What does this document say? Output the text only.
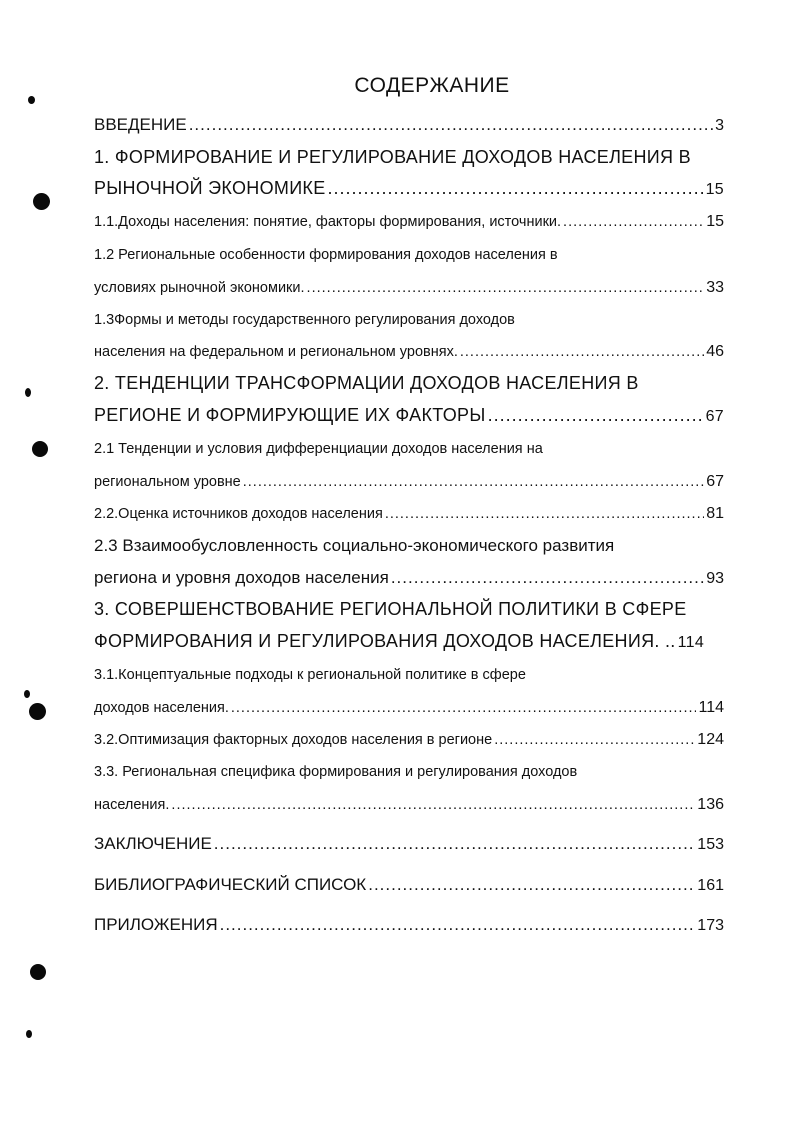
СОДЕРЖАНИЕ
ВВЕДЕНИЕ .....	3
1. ФОРМИРОВАНИЕ И РЕГУЛИРОВАНИЕ ДОХОДОВ НАСЕЛЕНИЯ В
РЫНОЧНОЙ ЭКОНОМИКЕ .....	15
1.1.Доходы населения: понятие, факторы формирования, источники. .....	15
1.2 Региональные особенности формирования доходов населения в
условиях рыночной экономики. .....	33
1.3Формы и методы государственного регулирования доходов
населения на федеральном и региональном уровнях. .....	46
2. ТЕНДЕНЦИИ ТРАНСФОРМАЦИИ ДОХОДОВ НАСЕЛЕНИЯ В
РЕГИОНЕ И ФОРМИРУЮЩИЕ ИХ ФАКТОРЫ .....	67
2.1 Тенденции и условия дифференциации доходов населения на
региональном уровне .....	67
2.2.Оценка источников доходов населения .....	81
2.3 Взаимообусловленность социально-экономического развития
региона и уровня доходов населения .....	93
3. СОВЕРШЕНСТВОВАНИЕ РЕГИОНАЛЬНОЙ ПОЛИТИКИ В СФЕРЕ
ФОРМИРОВАНИЯ И РЕГУЛИРОВАНИЯ ДОХОДОВ НАСЕЛЕНИЯ. .. 114
3.1.Концептуальные подходы к региональной политике в сфере
доходов населения. .....	114
3.2.Оптимизация факторных доходов населения в регионе .....	124
3.3. Региональная специфика формирования и регулирования доходов
населения. .....	136
ЗАКЛЮЧЕНИЕ .....	153
БИБЛИОГРАФИЧЕСКИЙ СПИСОК .....	161
ПРИЛОЖЕНИЯ .....	173
